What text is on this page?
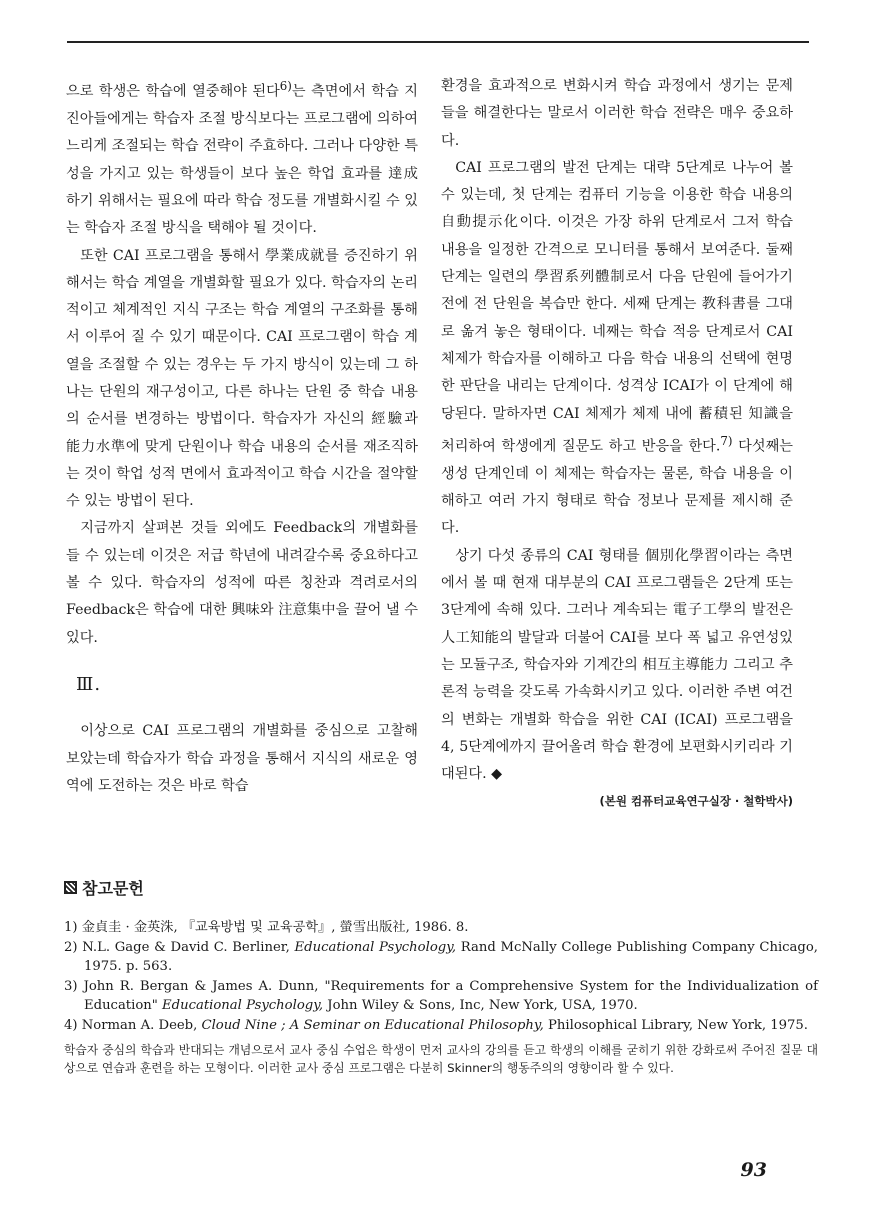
으로 학생은 학습에 열중해야 된다$^{6)}$는 측면에서 학습 지진아들에게는 학습자 조절 방식보다는 프로그램에 의하여 느리게 조절되는 학습 전략이 주효하다. 그러나 다양한 특성을 가지고 있는 학생들이 보다 높은 학업 효과를 達成하기 위해서는 필요에 따라 학습 정도를 개별화시킬 수 있는 학습자 조절 방식을 택해야 될 것이다.

또한 CAI 프로그램을 통해서 學業成就를 증진하기 위해서는 학습 계열을 개별화할 필요가 있다. 학습자의 논리적이고 체계적인 지식 구조는 학습 계열의 구조화를 통해서 이루어 질 수 있기 때문이다. CAI 프로그램이 학습 계열을 조절할 수 있는 경우는 두 가지 방식이 있는데 그 하나는 단원의 재구성이고, 다른 하나는 단원 중 학습 내용의 순서를 변경하는 방법이다. 학습자가 자신의 經驗과 能力水準에 맞게 단원이나 학습 내용의 순서를 재조직하는 것이 학업 성적 면에서 효과적이고 학습 시간을 절약할 수 있는 방법이 된다.

지금까지 살펴본 것들 외에도 Feedback의 개별화를 들 수 있는데 이것은 저급 학년에 내려갈수록 중요하다고 볼 수 있다. 학습자의 성적에 따른 칭찬과 격려로서의 Feedback은 학습에 대한 興味와 注意集中을 끌어 낼 수 있다.

Ⅲ.

이상으로 CAI 프로그램의 개별화를 중심으로 고찰해 보았는데 학습자가 학습 과정을 통해서 지식의 새로운 영역에 도전하는 것은 바로 학습

환경을 효과적으로 변화시켜 학습 과정에서 생기는 문제들을 해결한다는 말로서 이러한 학습 전략은 매우 중요하다.

CAI 프로그램의 발전 단계는 대략 5단계로 나누어 볼 수 있는데, 첫 단계는 컴퓨터 기능을 이용한 학습 내용의 自動提示化이다. 이것은 가장 하위 단계로서 그저 학습 내용을 일정한 간격으로 모니터를 통해서 보여준다. 둘째 단계는 일련의 學習系列體制로서 다음 단원에 들어가기 전에 전 단원을 복습만 한다. 세째 단계는 教科書를 그대로 옮겨 놓은 형태이다. 네째는 학습 적응 단계로서 CAI체제가 학습자를 이해하고 다음 학습 내용의 선택에 현명한 판단을 내리는 단계이다. 성격상 ICAI가 이 단계에 해당된다. 말하자면 CAI 체제가 체제 내에 蓄積된 知識을 처리하여 학생에게 질문도 하고 반응을 한다.$^{7)}$ 다섯째는 생성 단계인데 이 체제는 학습자는 물론, 학습 내용을 이해하고 여러 가지 형태로 학습 정보나 문제를 제시해 준다.

상기 다섯 종류의 CAI 형태를 個別化學習이라는 측면에서 볼 때 현재 대부분의 CAI 프로그램들은 2단계 또는 3단계에 속해 있다. 그러나 계속되는 電子工學의 발전은 人工知能의 발달과 더불어 CAI를 보다 폭 넓고 유연성있는 모듈구조, 학습자와 기계간의 相互主導能力 그리고 추론적 능력을 갖도록 가속화시키고 있다. 이러한 주변 여건의 변화는 개별화 학습을 위한 CAI (ICAI) 프로그램을 4, 5단계에까지 끌어올려 학습 환경에 보편화시키리라 기대된다. ◆

(본원 컴퓨터교육연구실장 · 철학박사)

참고문헌

1) 金貞圭 · 金英洙, 『교육방법 및 교육공학』, 螢雪出版社, 1986. 8.

2) N.L. Gage & David C. Berliner, Educational Psychology, Rand McNally College Publishing Company Chicago, 1975. p. 563.

3) John R. Bergan & James A. Dunn, "Requirements for a Comprehensive System for the Individualization of Education" Educational Psychology, John Wiley & Sons, Inc, New York, USA, 1970.

4) Norman A. Deeb, Cloud Nine ; A Seminar on Educational Philosophy, Philosophical Library, New York, 1975.

학습자 중심의 학습과 반대되는 개념으로서 교사 중심 수업은 학생이 먼저 교사의 강의를 듣고 학생의 이해를 굳히기 위한 강화로써 주어진 질문 대상으로 연습과 훈련을 하는 모형이다. 이러한 교사 중심 프로그램은 다분히 Skinner의 행동주의의 영향이라 할 수 있다.

93
